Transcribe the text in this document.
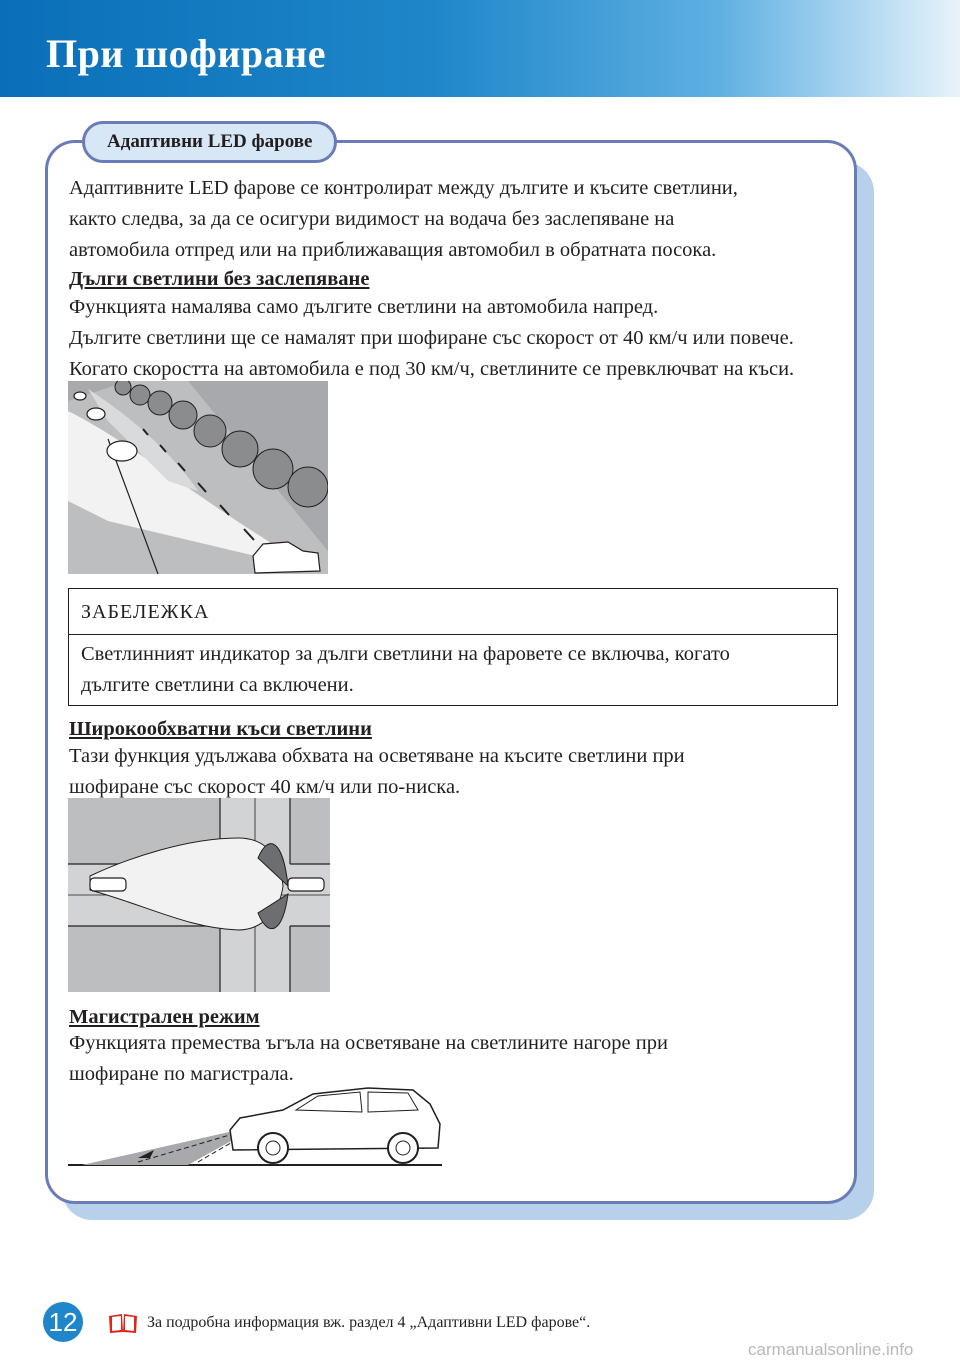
При шофиране
Адаптивни LED фарове
Адаптивните LED фарове се контролират между дългите и късите светлини,
както следва, за да се осигури видимост на водача без заслепяване на
автомобила отпред или на приближаващия автомобил в обратната посока.
Дълги светлини без заслепяване
Функцията намалява само дългите светлини на автомобила напред.
Дългите светлини ще се намалят при шофиране със скорост от 40 км/ч или повече.
Когато скоростта на автомобила е под 30 км/ч, светлините се превключват на къси.
ЗАБЕЛЕЖКА
Светлинният индикатор за дълги светлини на фаровете се включва, когато
дългите светлини са включени.
Широкообхватни къси светлини
Тази функция удължава обхвата на осветяване на късите светлини при
шофиране със скорост 40 км/ч или по-ниска.
Магистрален режим
Функцията премества ъгъла на осветяване на светлините нагоре при
шофиране по магистрала.
12	За подробна информация вж. раздел 4 „Адаптивни LED фарове“.
carmanualsonline.info
